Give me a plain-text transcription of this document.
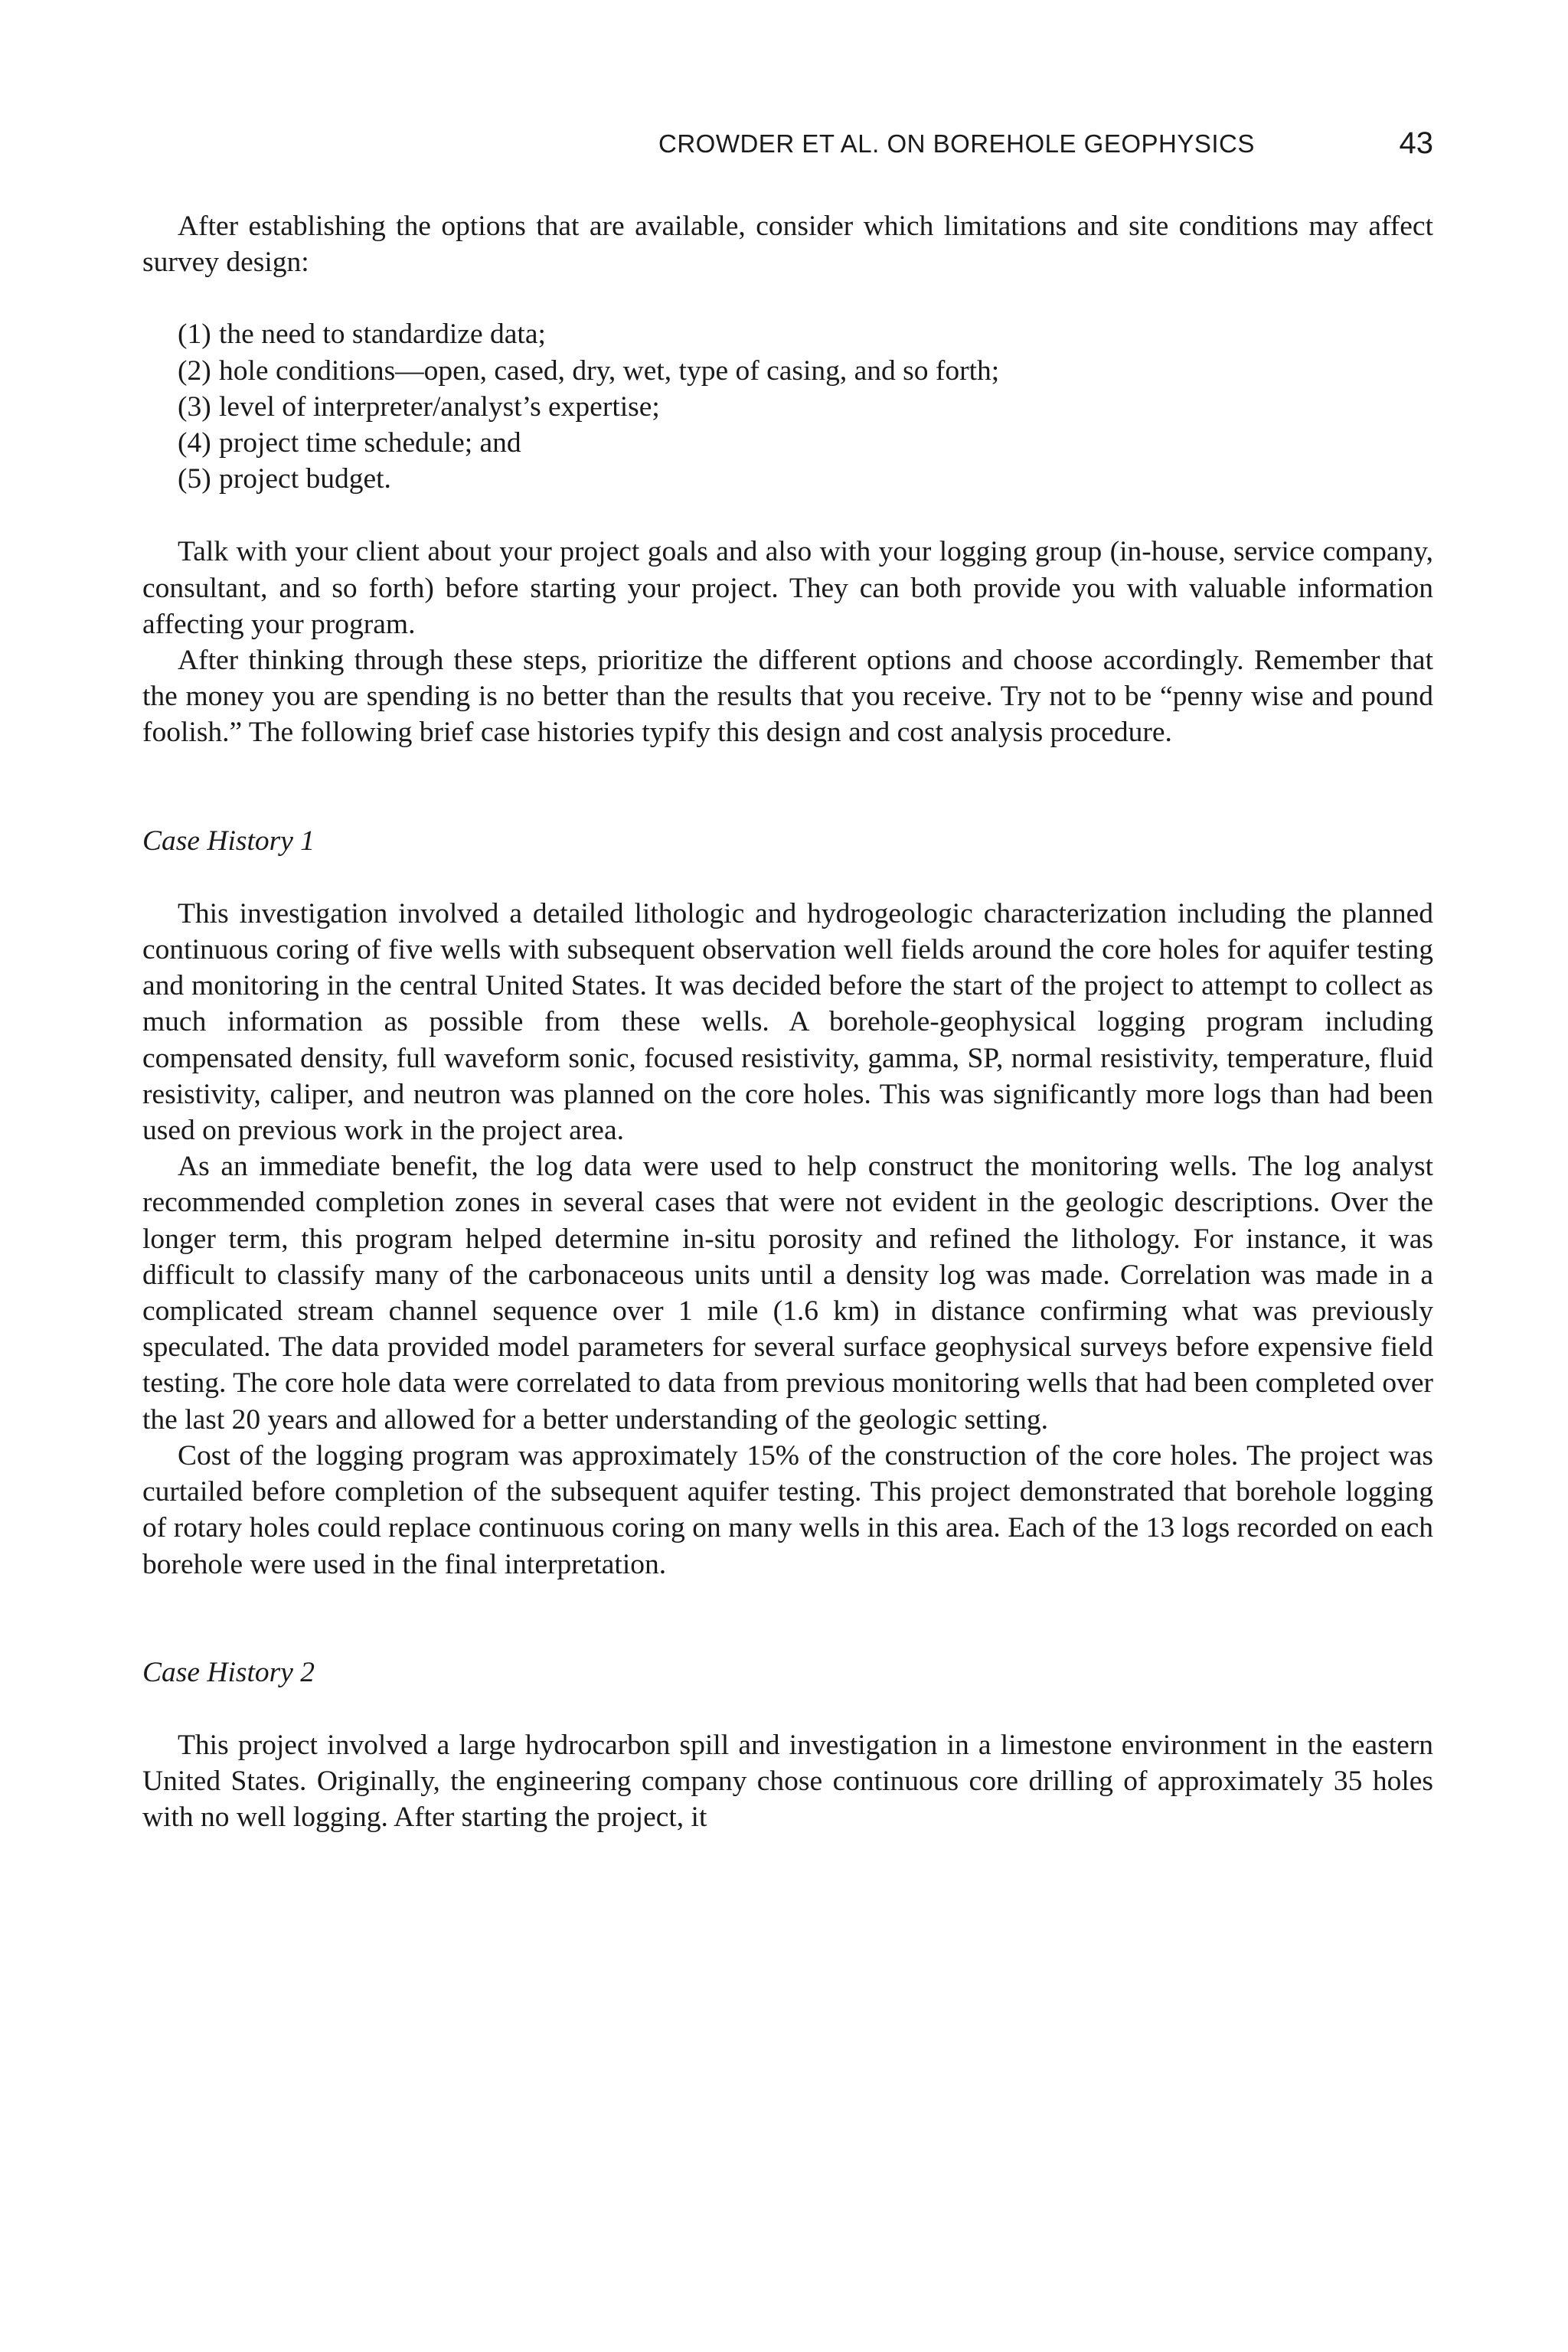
CROWDER ET AL. ON BOREHOLE GEOPHYSICS	43

After establishing the options that are available, consider which limitations and site conditions may affect survey design:

(1) the need to standardize data;
(2) hole conditions—open, cased, dry, wet, type of casing, and so forth;
(3) level of interpreter/analyst’s expertise;
(4) project time schedule; and
(5) project budget.

Talk with your client about your project goals and also with your logging group (in-house, service company, consultant, and so forth) before starting your project. They can both provide you with valuable information affecting your program.

After thinking through these steps, prioritize the different options and choose accordingly. Remember that the money you are spending is no better than the results that you receive. Try not to be “penny wise and pound foolish.” The following brief case histories typify this design and cost analysis procedure.

Case History 1

This investigation involved a detailed lithologic and hydrogeologic characterization including the planned continuous coring of five wells with subsequent observation well fields around the core holes for aquifer testing and monitoring in the central United States. It was decided before the start of the project to attempt to collect as much information as possible from these wells. A borehole-geophysical logging program including compensated density, full waveform sonic, focused resistivity, gamma, SP, normal resistivity, temperature, fluid resistivity, caliper, and neutron was planned on the core holes. This was significantly more logs than had been used on previous work in the project area.

As an immediate benefit, the log data were used to help construct the monitoring wells. The log analyst recommended completion zones in several cases that were not evident in the geologic descriptions. Over the longer term, this program helped determine in-situ porosity and refined the lithology. For instance, it was difficult to classify many of the carbonaceous units until a density log was made. Correlation was made in a complicated stream channel sequence over 1 mile (1.6 km) in distance confirming what was previously speculated. The data provided model parameters for several surface geophysical surveys before expensive field testing. The core hole data were correlated to data from previous monitoring wells that had been completed over the last 20 years and allowed for a better understanding of the geologic setting.

Cost of the logging program was approximately 15% of the construction of the core holes. The project was curtailed before completion of the subsequent aquifer testing. This project demonstrated that borehole logging of rotary holes could replace continuous coring on many wells in this area. Each of the 13 logs recorded on each borehole were used in the final interpretation.

Case History 2

This project involved a large hydrocarbon spill and investigation in a limestone environment in the eastern United States. Originally, the engineering company chose continuous core drilling of approximately 35 holes with no well logging. After starting the project, it
